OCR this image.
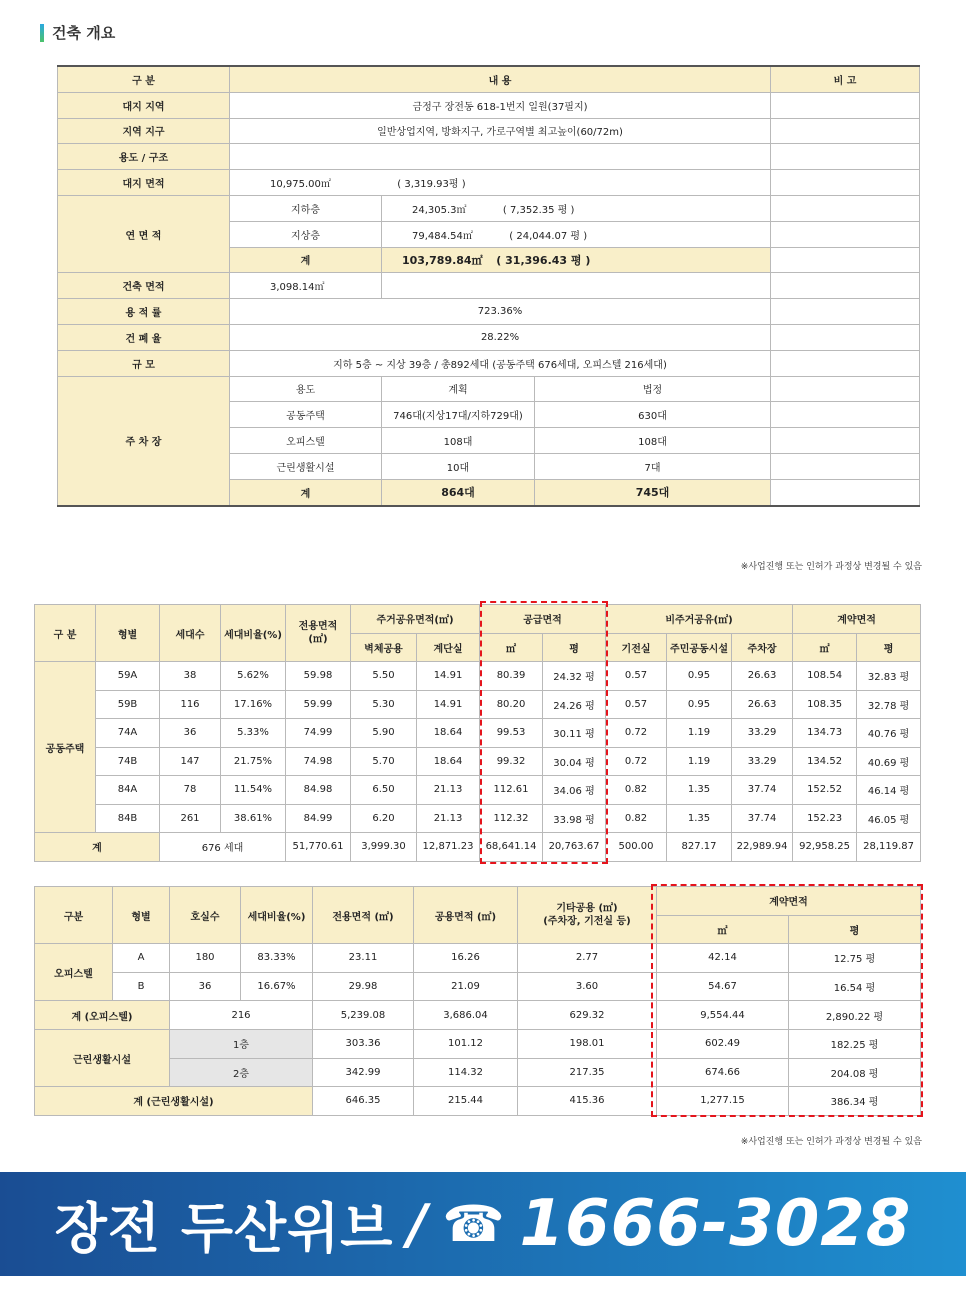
건축 개요
구 분	내 용			비 고
대지 지역	금정구 장전동 618-1번지 일원(37필지)			
지역 지구	일반상업지역, 방화지구, 가로구역별 최고높이(60/72m)			
용도 / 구조				
대지 면적	10,975.00㎡ ( 3,319.93평 )			
연 면 적	지하층	24,305.3㎡ ( 7,352.35 평 )		
	지상층	79,484.54㎡ ( 24,044.07 평 )		
	계	103,789.84㎡ ( 31,396.43 평 )		
건축 면적	3,098.14㎡			
용 적 률	723.36%			
건 폐 율	28.22%			
규 모	지하 5층 ~ 지상 39층 / 총892세대 (공동주택 676세대, 오피스텔 216세대)			
주 차 장	용도	계획	법정	
	공동주택	746대(지상17대/지하729대)	630대	
	오피스텔	108대	108대	
	근린생활시설	10대	7대	
	계	864대	745대	
※사업진행 또는 인허가 과정상 변경될 수 있음
구 분	형별	세대수	세대비율(%)	전용면적
(㎡)	주거공유면적(㎡)		공급면적		비주거공유(㎡)			계약면적	
					벽체공용	계단실	㎡	평	기전실	주민공동시설	주차장	㎡	평
공동주택	59A	38	5.62%	59.98	5.50	14.91	80.39	24.32 평	0.57	0.95	26.63	108.54	32.83 평
	59B	116	17.16%	59.99	5.30	14.91	80.20	24.26 평	0.57	0.95	26.63	108.35	32.78 평
	74A	36	5.33%	74.99	5.90	18.64	99.53	30.11 평	0.72	1.19	33.29	134.73	40.76 평
	74B	147	21.75%	74.98	5.70	18.64	99.32	30.04 평	0.72	1.19	33.29	134.52	40.69 평
	84A	78	11.54%	84.98	6.50	21.13	112.61	34.06 평	0.82	1.35	37.74	152.52	46.14 평
	84B	261	38.61%	84.99	6.20	21.13	112.32	33.98 평	0.82	1.35	37.74	152.23	46.05 평
계		676 세대		51,770.61	3,999.30	12,871.23	68,641.14	20,763.67	500.00	827.17	22,989.94	92,958.25	28,119.87
구분	형별	호실수	세대비율(%)	전용면적 (㎡)	공용면적 (㎡)	기타공용 (㎡)
(주차장, 기전실 등)	계약면적	
							㎡	평
오피스텔	A	180	83.33%	23.11	16.26	2.77	42.14	12.75 평
	B	36	16.67%	29.98	21.09	3.60	54.67	16.54 평
계 (오피스텔)		216		5,239.08	3,686.04	629.32	9,554.44	2,890.22 평
근린생활시설		1층		303.36	101.12	198.01	602.49	182.25 평
		2층		342.99	114.32	217.35	674.66	204.08 평
계 (근린생활시설)				646.35	215.44	415.36	1,277.15	386.34 평
※사업진행 또는 인허가 과정상 변경될 수 있음
장전 두산위브 / ☎ 1666-3028
